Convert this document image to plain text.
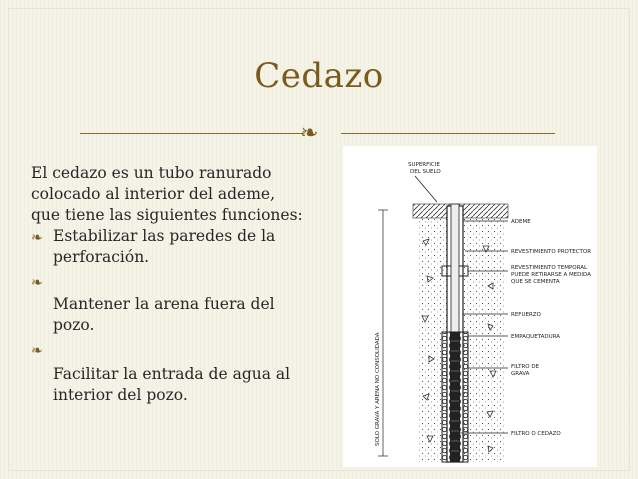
Cedazo
❧
El cedazo es un tubo ranurado
colocado al interior del ademe,
que tiene las siguientes funciones:
❧ Estabilizar las paredes de la
perforación.
❧
Mantener la arena fuera del
pozo.
❧
Facilitar la entrada de agua al
interior del pozo.
SUPERFICIE
DEL SUELO
SOLO GRAVA Y ARENA NO CONSOLIDADA
ADEME
REVESTIMIENTO PROTECTOR
REVESTIMIENTO TEMPORAL
PUEDE RETIRARSE A MEDIDA
QUE SE CEMENTA
REFUERZO
EMPAQUETADURA
FILTRO DE
GRAVA
FILTRO O CEDAZO
